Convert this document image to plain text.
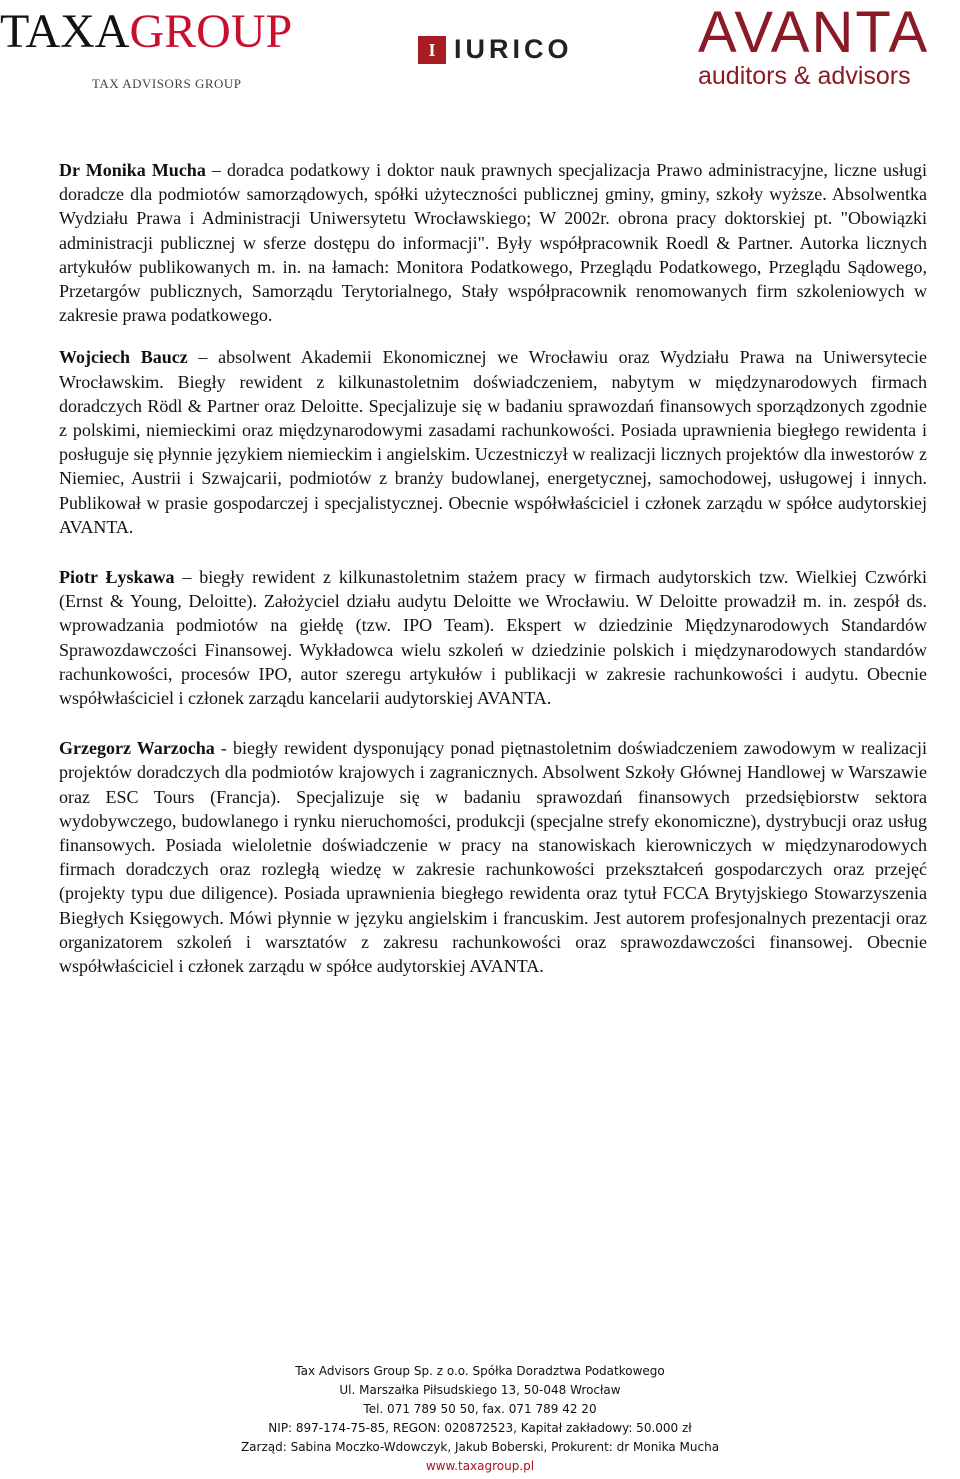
TAXAGROUP
TAX ADVISORS GROUP
I IURICO AVANTA
auditors & advisors

Dr Monika Mucha – doradca podatkowy i doktor nauk prawnych specjalizacja Prawo administracyjne, liczne usługi doradcze dla podmiotów samorządowych, spółki użyteczności publicznej gminy, gminy, szkoły wyższe. Absolwentka Wydziału Prawa i Administracji Uniwersytetu Wrocławskiego; W 2002r. obrona pracy doktorskiej pt. "Obowiązki administracji publicznej w sferze dostępu do informacji". Były współpracownik Roedl & Partner. Autorka licznych artykułów publikowanych m. in. na łamach: Monitora Podatkowego, Przeglądu Podatkowego, Przeglądu Sądowego, Przetargów publicznych, Samorządu Terytorialnego, Stały współpracownik renomowanych firm szkoleniowych w zakresie prawa podatkowego.

Wojciech Baucz – absolwent Akademii Ekonomicznej we Wrocławiu oraz Wydziału Prawa na Uniwersytecie Wrocławskim. Biegły rewident z kilkunastoletnim doświadczeniem, nabytym w międzynarodowych firmach doradczych Rödl & Partner oraz Deloitte. Specjalizuje się w badaniu sprawozdań finansowych sporządzonych zgodnie z polskimi, niemieckimi oraz międzynarodowymi zasadami rachunkowości. Posiada uprawnienia biegłego rewidenta i posługuje się płynnie językiem niemieckim i angielskim. Uczestniczył w realizacji licznych projektów dla inwestorów z Niemiec, Austrii i Szwajcarii, podmiotów z branży budowlanej, energetycznej, samochodowej, usługowej i innych. Publikował w prasie gospodarczej i specjalistycznej. Obecnie współwłaściciel i członek zarządu w spółce audytorskiej AVANTA.

Piotr Łyskawa – biegły rewident z kilkunastoletnim stażem pracy w firmach audytorskich tzw. Wielkiej Czwórki (Ernst & Young, Deloitte). Założyciel działu audytu Deloitte we Wrocławiu. W Deloitte prowadził m. in. zespół ds. wprowadzania podmiotów na giełdę (tzw. IPO Team). Ekspert w dziedzinie Międzynarodowych Standardów Sprawozdawczości Finansowej. Wykładowca wielu szkoleń w dziedzinie polskich i międzynarodowych standardów rachunkowości, procesów IPO, autor szeregu artykułów i publikacji w zakresie rachunkowości i audytu. Obecnie współwłaściciel i członek zarządu kancelarii audytorskiej AVANTA.

Grzegorz Warzocha - biegły rewident dysponujący ponad piętnastoletnim doświadczeniem zawodowym w realizacji projektów doradczych dla podmiotów krajowych i zagranicznych. Absolwent Szkoły Głównej Handlowej w Warszawie oraz ESC Tours (Francja). Specjalizuje się w badaniu sprawozdań finansowych przedsiębiorstw sektora wydobywczego, budowlanego i rynku nieruchomości, produkcji (specjalne strefy ekonomiczne), dystrybucji oraz usług finansowych. Posiada wieloletnie doświadczenie w pracy na stanowiskach kierowniczych w międzynarodowych firmach doradczych oraz rozległą wiedzę w zakresie rachunkowości przekształceń gospodarczych oraz przejęć (projekty typu due diligence). Posiada uprawnienia biegłego rewidenta oraz tytuł FCCA Brytyjskiego Stowarzyszenia Biegłych Księgowych. Mówi płynnie w języku angielskim i francuskim. Jest autorem profesjonalnych prezentacji oraz organizatorem szkoleń i warsztatów z zakresu rachunkowości oraz sprawozdawczości finansowej. Obecnie współwłaściciel i członek zarządu w spółce audytorskiej AVANTA.

Tax Advisors Group Sp. z o.o. Spółka Doradztwa Podatkowego
Ul. Marszałka Piłsudskiego 13, 50-048 Wrocław
Tel. 071 789 50 50, fax. 071 789 42 20
NIP: 897-174-75-85, REGON: 020872523, Kapitał zakładowy: 50.000 zł
Zarząd: Sabina Moczko-Wdowczyk, Jakub Boberski, Prokurent: dr Monika Mucha
www.taxagroup.pl
